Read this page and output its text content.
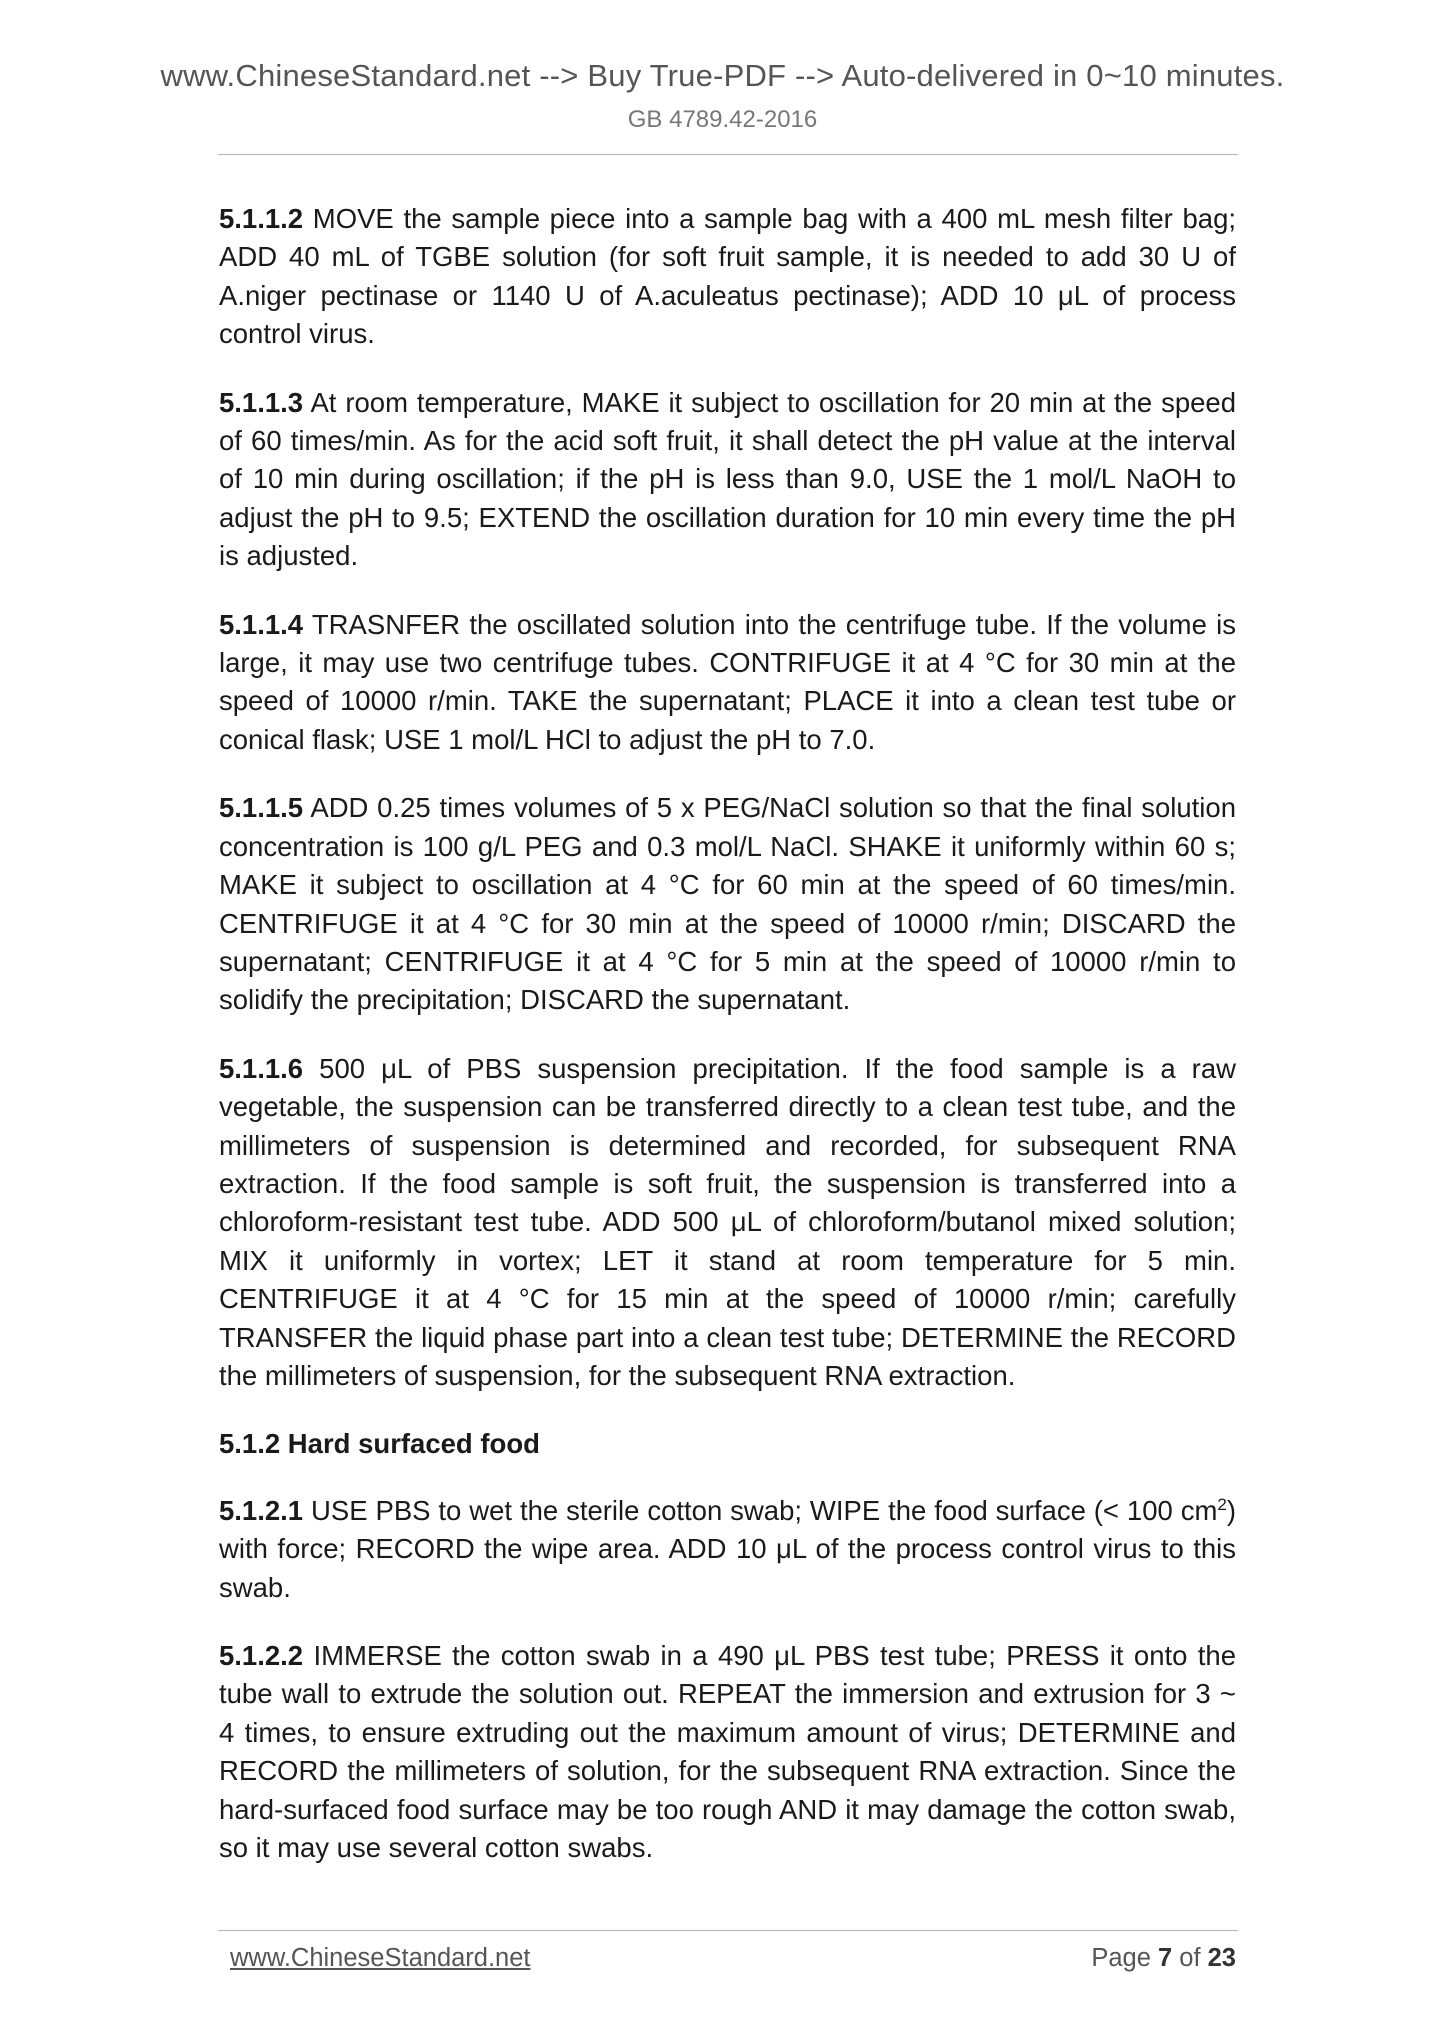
www.ChineseStandard.net --> Buy True-PDF --> Auto-delivered in 0~10 minutes.
GB 4789.42-2016

5.1.1.2 MOVE the sample piece into a sample bag with a 400 mL mesh filter bag; ADD 40 mL of TGBE solution (for soft fruit sample, it is needed to add 30 U of A.niger pectinase or 1140 U of A.aculeatus pectinase); ADD 10 μL of process control virus.

5.1.1.3 At room temperature, MAKE it subject to oscillation for 20 min at the speed of 60 times/min. As for the acid soft fruit, it shall detect the pH value at the interval of 10 min during oscillation; if the pH is less than 9.0, USE the 1 mol/L NaOH to adjust the pH to 9.5; EXTEND the oscillation duration for 10 min every time the pH is adjusted.

5.1.1.4 TRASNFER the oscillated solution into the centrifuge tube. If the volume is large, it may use two centrifuge tubes. CONTRIFUGE it at 4 °C for 30 min at the speed of 10000 r/min. TAKE the supernatant; PLACE it into a clean test tube or conical flask; USE 1 mol/L HCl to adjust the pH to 7.0.

5.1.1.5 ADD 0.25 times volumes of 5 x PEG/NaCl solution so that the final solution concentration is 100 g/L PEG and 0.3 mol/L NaCl. SHAKE it uniformly within 60 s; MAKE it subject to oscillation at 4 °C for 60 min at the speed of 60 times/min. CENTRIFUGE it at 4 °C for 30 min at the speed of 10000 r/min; DISCARD the supernatant; CENTRIFUGE it at 4 °C for 5 min at the speed of 10000 r/min to solidify the precipitation; DISCARD the supernatant.

5.1.1.6 500 μL of PBS suspension precipitation. If the food sample is a raw vegetable, the suspension can be transferred directly to a clean test tube, and the millimeters of suspension is determined and recorded, for subsequent RNA extraction. If the food sample is soft fruit, the suspension is transferred into a chloroform-resistant test tube. ADD 500 μL of chloroform/butanol mixed solution; MIX it uniformly in vortex; LET it stand at room temperature for 5 min. CENTRIFUGE it at 4 °C for 15 min at the speed of 10000 r/min; carefully TRANSFER the liquid phase part into a clean test tube; DETERMINE the RECORD the millimeters of suspension, for the subsequent RNA extraction.

5.1.2 Hard surfaced food

5.1.2.1 USE PBS to wet the sterile cotton swab; WIPE the food surface (< 100 $cm^2$) with force; RECORD the wipe area. ADD 10 μL of the process control virus to this swab.

5.1.2.2 IMMERSE the cotton swab in a 490 μL PBS test tube; PRESS it onto the tube wall to extrude the solution out. REPEAT the immersion and extrusion for 3 ~ 4 times, to ensure extruding out the maximum amount of virus; DETERMINE and RECORD the millimeters of solution, for the subsequent RNA extraction. Since the hard-surfaced food surface may be too rough AND it may damage the cotton swab, so it may use several cotton swabs.

www.ChineseStandard.net	Page 7 of 23
